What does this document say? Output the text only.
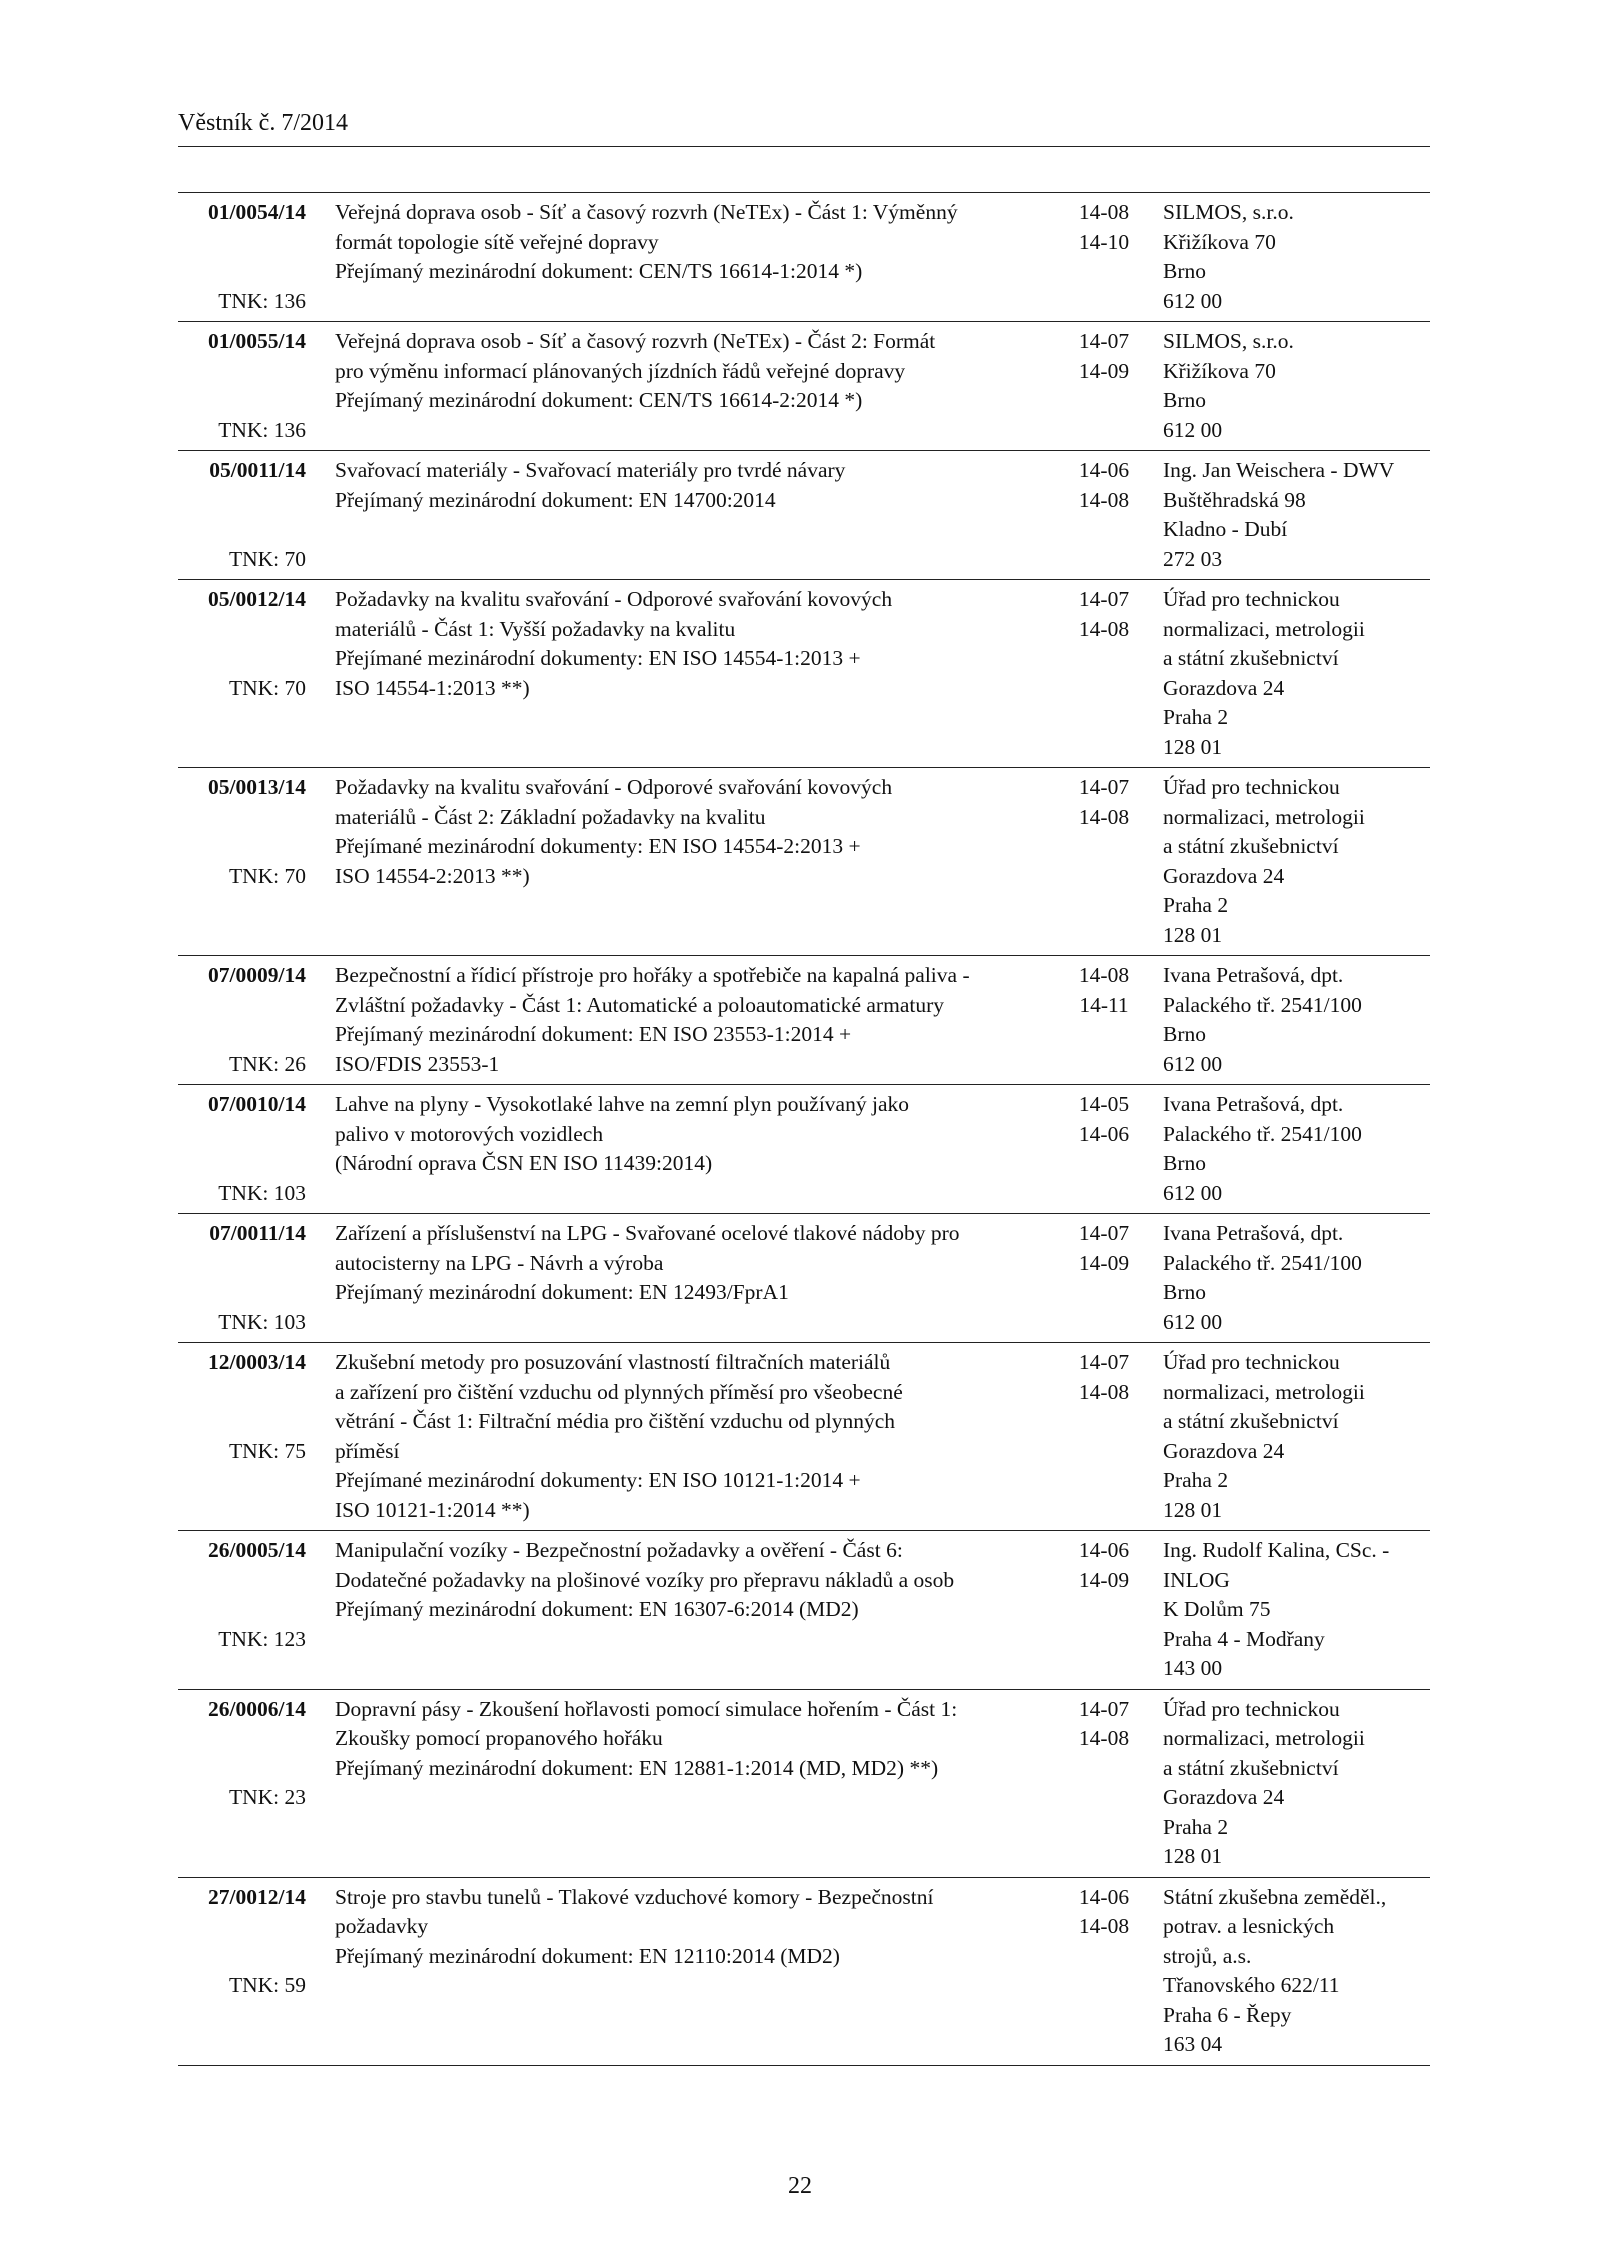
Věstník č. 7/2014
01/0054/14
TNK: 136
Veřejná doprava osob - Síť a časový rozvrh (NeTEx) - Část 1: Výměnný
formát topologie sítě veřejné dopravy
Přejímaný mezinárodní dokument: CEN/TS 16614-1:2014 *)
14-08
14-10
SILMOS, s.r.o.
Křižíkova 70
Brno
612 00
01/0055/14
TNK: 136
Veřejná doprava osob - Síť a časový rozvrh (NeTEx) - Část 2: Formát
pro výměnu informací plánovaných jízdních řádů veřejné dopravy
Přejímaný mezinárodní dokument: CEN/TS 16614-2:2014 *)
14-07
14-09
SILMOS, s.r.o.
Křižíkova 70
Brno
612 00
05/0011/14
TNK: 70
Svařovací materiály - Svařovací materiály pro tvrdé návary
Přejímaný mezinárodní dokument: EN 14700:2014
14-06
14-08
Ing. Jan Weischera - DWV
Buštěhradská 98
Kladno - Dubí
272 03
05/0012/14
TNK: 70
Požadavky na kvalitu svařování - Odporové svařování kovových
materiálů - Část 1: Vyšší požadavky na kvalitu
Přejímané mezinárodní dokumenty: EN ISO 14554-1:2013 +
ISO 14554-1:2013 **)
14-07
14-08
Úřad pro technickou
normalizaci, metrologii
a státní zkušebnictví
Gorazdova 24
Praha 2
128 01
05/0013/14
TNK: 70
Požadavky na kvalitu svařování - Odporové svařování kovových
materiálů - Část 2: Základní požadavky na kvalitu
Přejímané mezinárodní dokumenty: EN ISO 14554-2:2013 +
ISO 14554-2:2013 **)
14-07
14-08
Úřad pro technickou
normalizaci, metrologii
a státní zkušebnictví
Gorazdova 24
Praha 2
128 01
07/0009/14
TNK: 26
Bezpečnostní a řídicí přístroje pro hořáky a spotřebiče na kapalná paliva -
Zvláštní požadavky - Část 1: Automatické a poloautomatické armatury
Přejímaný mezinárodní dokument: EN ISO 23553-1:2014 +
ISO/FDIS 23553-1
14-08
14-11
Ivana Petrašová, dpt.
Palackého tř. 2541/100
Brno
612 00
07/0010/14
TNK: 103
Lahve na plyny - Vysokotlaké lahve na zemní plyn používaný jako
palivo v motorových vozidlech
(Národní oprava ČSN EN ISO 11439:2014)
14-05
14-06
Ivana Petrašová, dpt.
Palackého tř. 2541/100
Brno
612 00
07/0011/14
TNK: 103
Zařízení a příslušenství na LPG - Svařované ocelové tlakové nádoby pro
autocisterny na LPG - Návrh a výroba
Přejímaný mezinárodní dokument: EN 12493/FprA1
14-07
14-09
Ivana Petrašová, dpt.
Palackého tř. 2541/100
Brno
612 00
12/0003/14
TNK: 75
Zkušební metody pro posuzování vlastností filtračních materiálů
a zařízení pro čištění vzduchu od plynných příměsí pro všeobecné
větrání - Část 1: Filtrační média pro čištění vzduchu od plynných
příměsí
Přejímané mezinárodní dokumenty: EN ISO 10121-1:2014 +
ISO 10121-1:2014 **)
14-07
14-08
Úřad pro technickou
normalizaci, metrologii
a státní zkušebnictví
Gorazdova 24
Praha 2
128 01
26/0005/14
TNK: 123
Manipulační vozíky - Bezpečnostní požadavky a ověření - Část 6:
Dodatečné požadavky na plošinové vozíky pro přepravu nákladů a osob
Přejímaný mezinárodní dokument: EN 16307-6:2014 (MD2)
14-06
14-09
Ing. Rudolf Kalina, CSc. -
INLOG
K Dolům 75
Praha 4 - Modřany
143 00
26/0006/14
TNK: 23
Dopravní pásy - Zkoušení hořlavosti pomocí simulace hořením - Část 1:
Zkoušky pomocí propanového hořáku
Přejímaný mezinárodní dokument: EN 12881-1:2014 (MD, MD2) **)
14-07
14-08
Úřad pro technickou
normalizaci, metrologii
a státní zkušebnictví
Gorazdova 24
Praha 2
128 01
27/0012/14
TNK: 59
Stroje pro stavbu tunelů - Tlakové vzduchové komory - Bezpečnostní
požadavky
Přejímaný mezinárodní dokument: EN 12110:2014 (MD2)
14-06
14-08
Státní zkušebna zeměděl.,
potrav. a lesnických
strojů, a.s.
Třanovského 622/11
Praha 6 - Řepy
163 04
22
